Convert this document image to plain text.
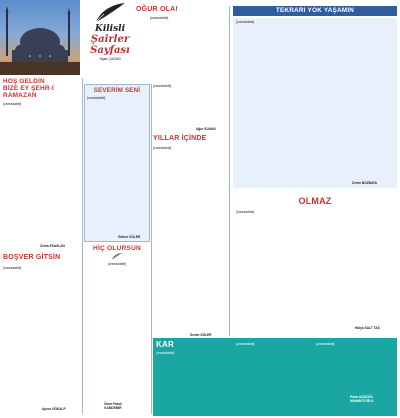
Kilisli
Şairler
Sayfası
Nigar ÇAĞAN
HOŞ GELDİN
BİZE EY ŞEHR-İ
RAMAZAN
[unreadable]
Zehra ESASLAN
BOŞVER GİTSİN
[unreadable]
Aynur GÖKALP
OĞUR OLA!
[unreadable]
SEVERİM SENİ
[unreadable]
Gülser GÜLER
HİÇ OLURSUN
[unreadable]
Ömer Faruk
KANDEMİR
[unreadable]
Uğur ELMAN
YILLAR İÇİNDE
[unreadable]
Sevim GÜLER
TEKRARI YOK YAŞAMIN
[unreadable]
Zerrin BOZBAYA
OLMAZ
[unreadable]
Hülya SALT TAŞ
KAR
[unreadable]
[unreadable]	[unreadable]
Pınar AÇIKGÖL
MAHMUTOĞLU
